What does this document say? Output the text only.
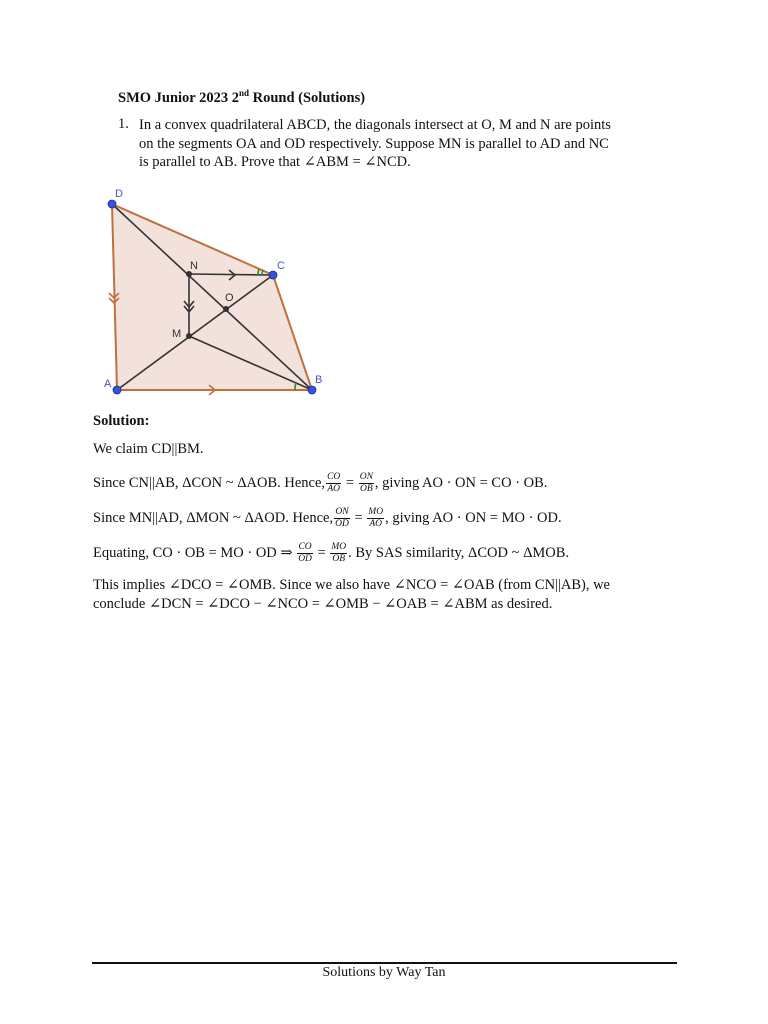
SMO Junior 2023 2nd Round (Solutions)
1. In a convex quadrilateral ABCD, the diagonals intersect at O, M and N are points
on the segments OA and OD respectively. Suppose MN is parallel to AD and NC
is parallel to AB. Prove that ∠ABM = ∠NCD.
D
C
B
A
O
N
M
Solution:
We claim CD||BM.
Since CN||AB, ΔCON ~ ΔAOB. Hence, $\frac{CO}{AO} = \frac{ON}{OB}$ , giving AO · ON = CO · OB.
Since MN||AD, ΔMON ~ ΔAOD. Hence, $\frac{ON}{OD} = \frac{MO}{AO}$ , giving AO · ON = MO · OD.
Equating, CO · OB = MO · OD ⇒ $\frac{CO}{OD} = \frac{MO}{OB}$ . By SAS similarity, ΔCOD ~ ΔMOB.
This implies ∠DCO = ∠OMB. Since we also have ∠NCO = ∠OAB (from CN||AB), we
conclude ∠DCN = ∠DCO − ∠NCO = ∠OMB − ∠OAB = ∠ABM as desired.
Solutions by Way Tan
